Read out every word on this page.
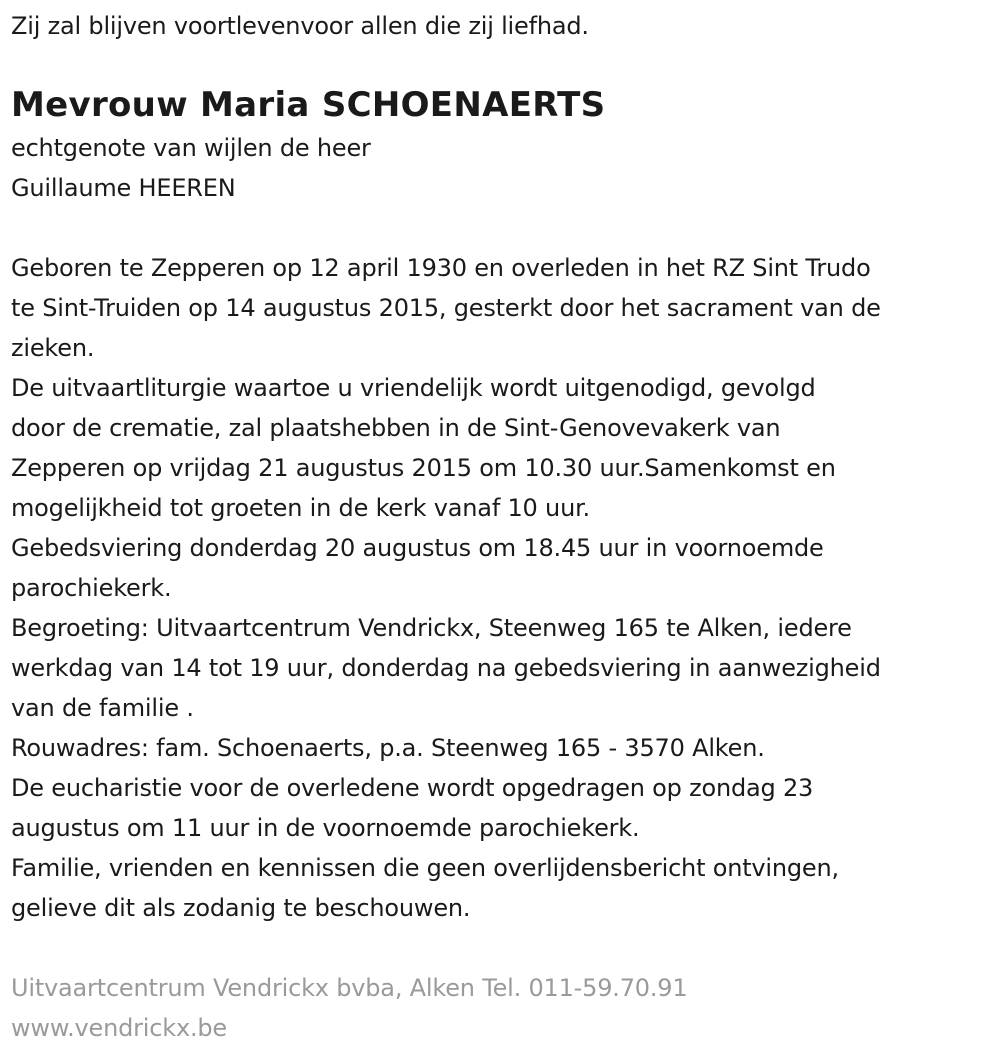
Zij zal blijven voortlevenvoor allen die zij liefhad.
Mevrouw Maria SCHOENAERTS
echtgenote van wijlen de heer
Guillaume HEEREN
Geboren te Zepperen op 12 april 1930 en overleden in het RZ Sint Trudo
te Sint-Truiden op 14 augustus 2015, gesterkt door het sacrament van de
zieken.
De uitvaartliturgie waartoe u vriendelijk wordt uitgenodigd, gevolgd
door de crematie, zal plaatshebben in de Sint-Genovevakerk van
Zepperen op vrijdag 21 augustus 2015 om 10.30 uur.Samenkomst en
mogelijkheid tot groeten in de kerk vanaf 10 uur.
Gebedsviering donderdag 20 augustus om 18.45 uur in voornoemde
parochiekerk.
Begroeting: Uitvaartcentrum Vendrickx, Steenweg 165 te Alken, iedere
werkdag van 14 tot 19 uur, donderdag na gebedsviering in aanwezigheid
van de familie .
Rouwadres: fam. Schoenaerts, p.a. Steenweg 165 - 3570 Alken.
De eucharistie voor de overledene wordt opgedragen op zondag 23
augustus om 11 uur in de voornoemde parochiekerk.
Familie, vrienden en kennissen die geen overlijdensbericht ontvingen,
gelieve dit als zodanig te beschouwen.
Uitvaartcentrum Vendrickx bvba, Alken Tel. 011-59.70.91
www.vendrickx.be
